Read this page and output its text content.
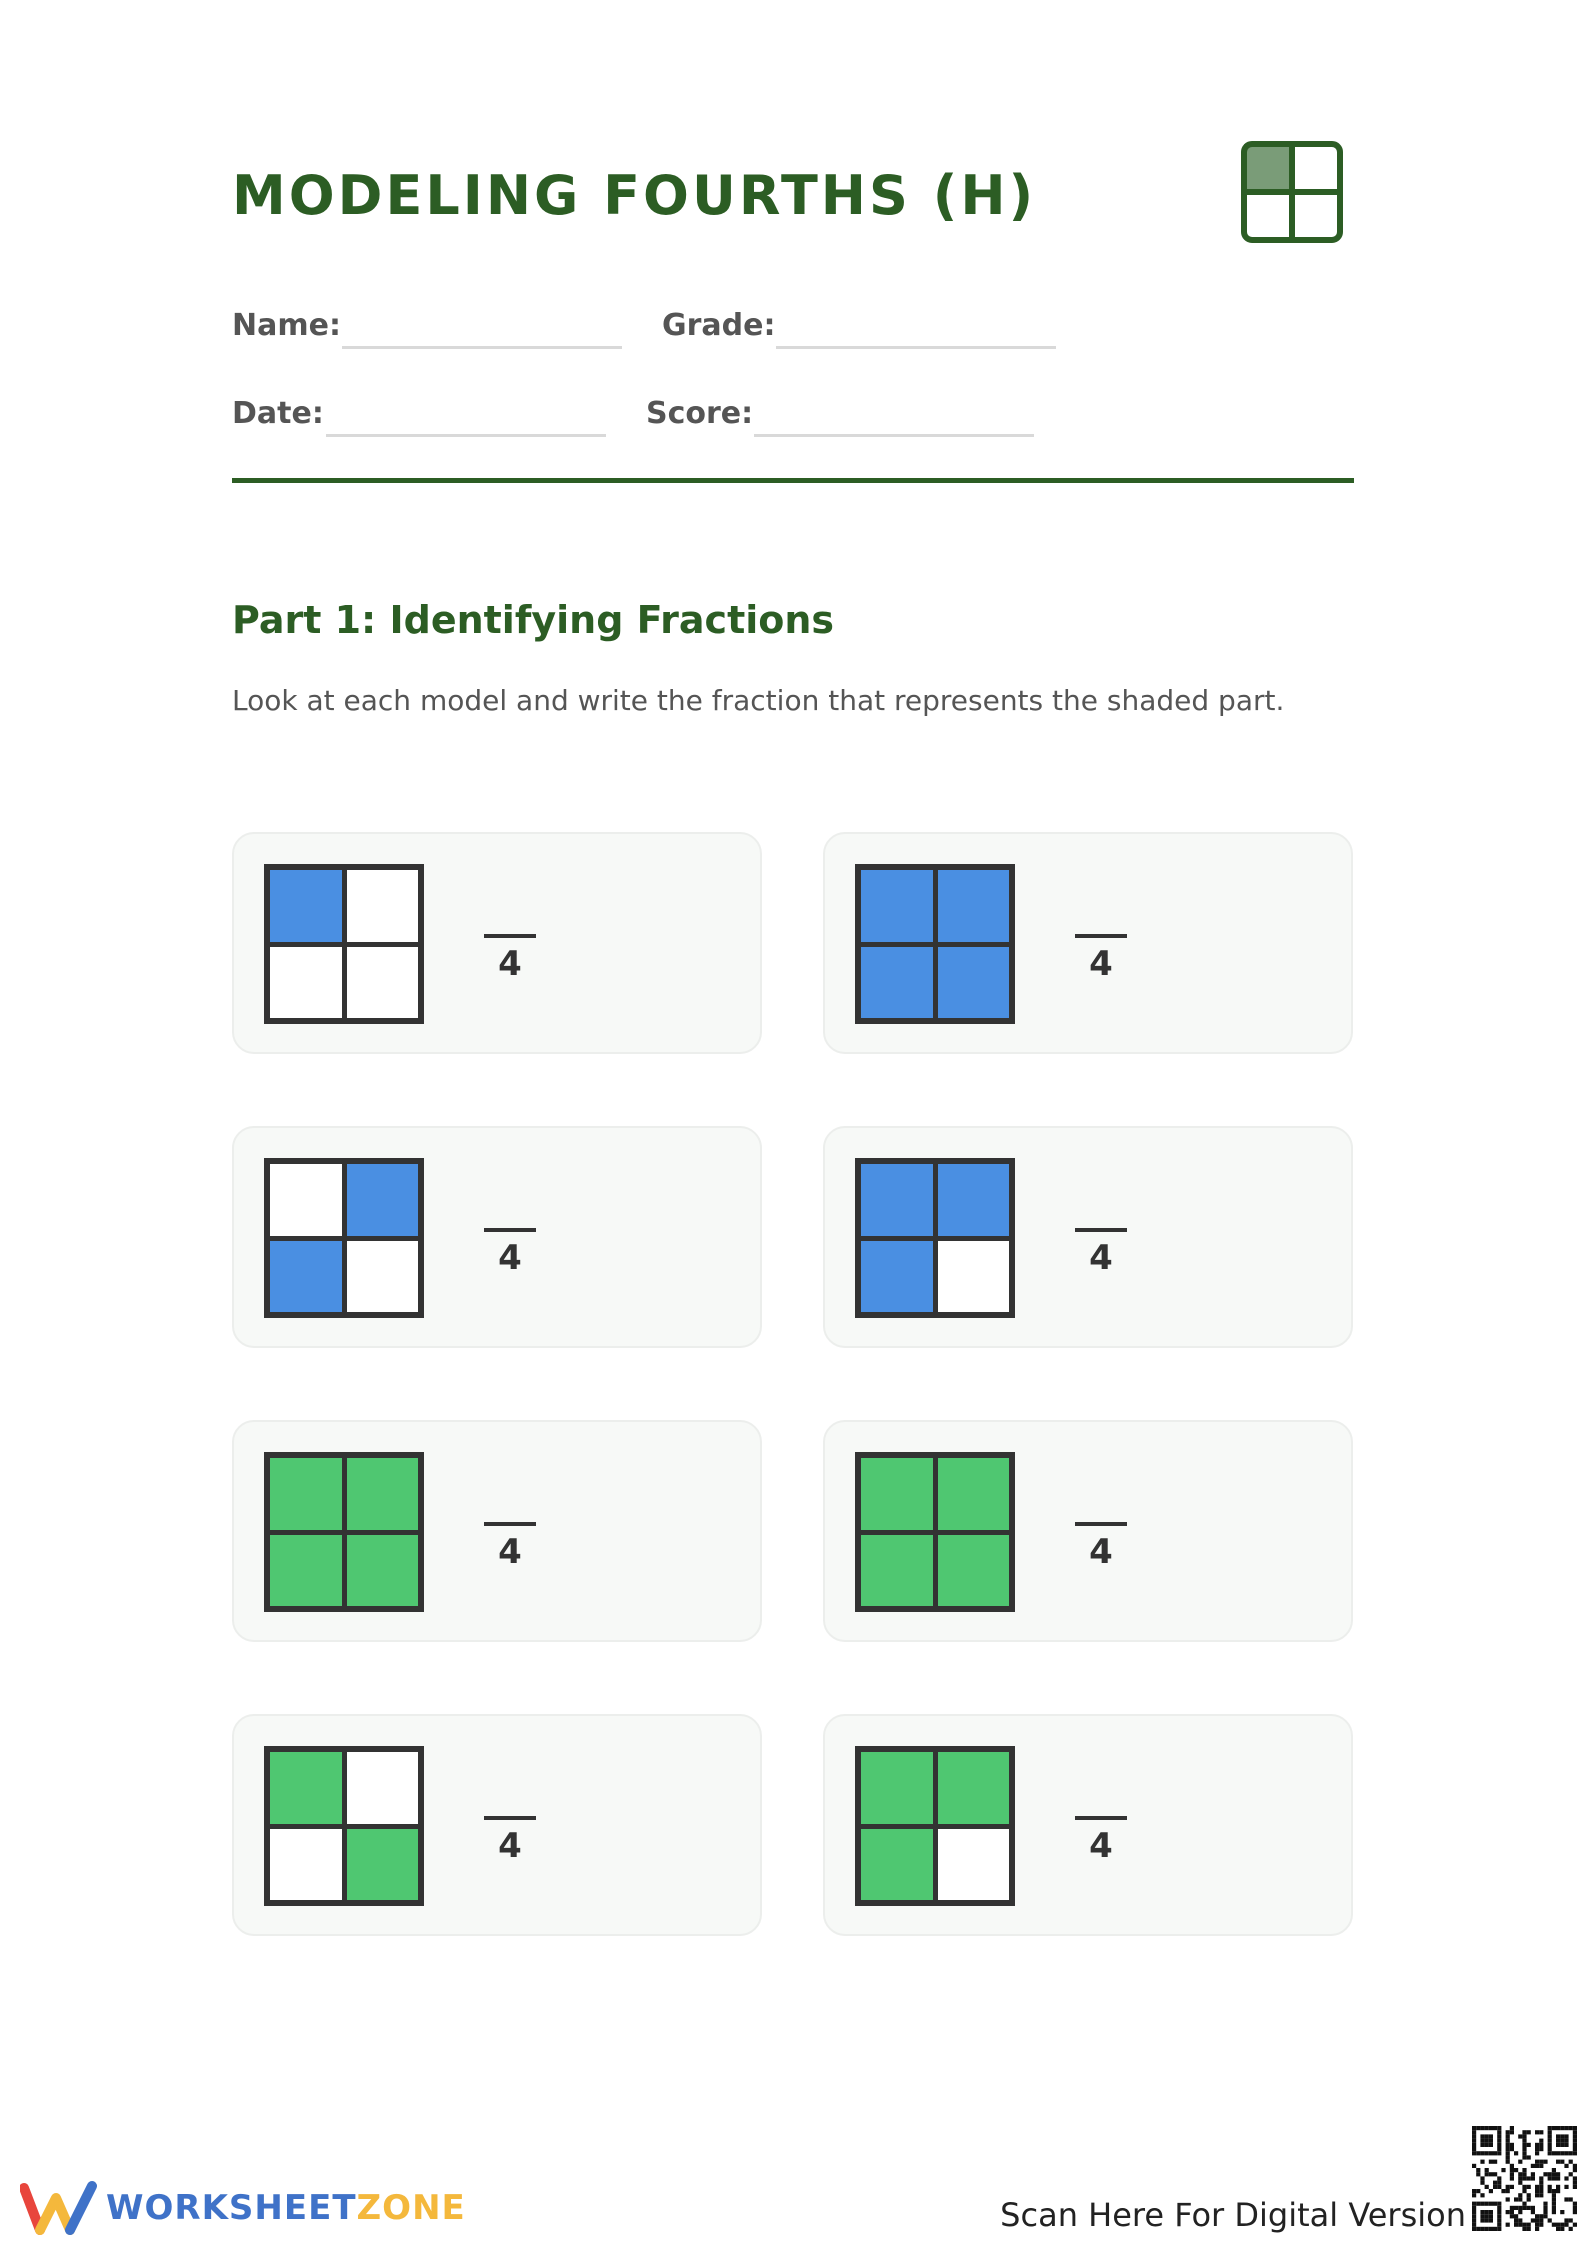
MODELING FOURTHS (H)
Name:	Grade:
Date:	Score:
Part 1: Identifying Fractions
Look at each model and write the fraction that represents the shaded part.
4	4
4	4
4	4
4	4
WORKSHEETZONE	Scan Here For Digital Version
